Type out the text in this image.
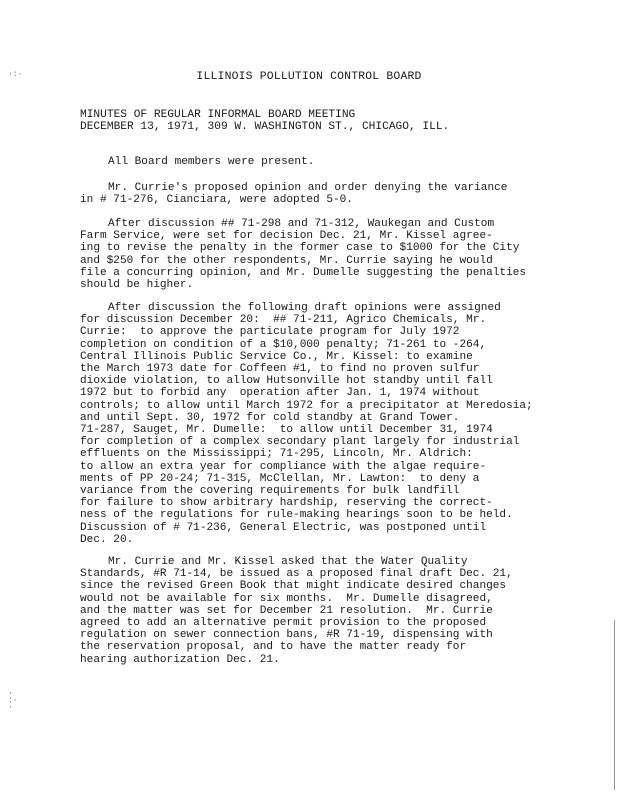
·:·
·
:·
·
ILLINOIS POLLUTION CONTROL BOARD
MINUTES OF REGULAR INFORMAL BOARD MEETING
DECEMBER 13, 1971, 309 W. WASHINGTON ST., CHICAGO, ILL.
All Board members were present.
Mr. Currie's proposed opinion and order denying the variance
in # 71-276, Cianciara, were adopted 5-0.
After discussion ## 71-298 and 71-312, Waukegan and Custom
Farm Service, were set for decision Dec. 21, Mr. Kissel agree-
ing to revise the penalty in the former case to $1000 for the City
and $250 for the other respondents, Mr. Currie saying he would
file a concurring opinion, and Mr. Dumelle suggesting the penalties
should be higher.
After discussion the following draft opinions were assigned
for discussion December 20:  ## 71-211, Agrico Chemicals, Mr.
Currie:  to approve the particulate program for July 1972
completion on condition of a $10,000 penalty; 71-261 to -264,
Central Illinois Public Service Co., Mr. Kissel: to examine
the March 1973 date for Coffeen #1, to find no proven sulfur
dioxide violation, to allow Hutsonville hot standby until fall
1972 but to forbid any  operation after Jan. 1, 1974 without
controls; to allow until March 1972 for a precipitator at Meredosia;
and until Sept. 30, 1972 for cold standby at Grand Tower.
71-287, Sauget, Mr. Dumelle:  to allow until December 31, 1974
for completion of a complex secondary plant largely for industrial
effluents on the Mississippi; 71-295, Lincoln, Mr. Aldrich:
to allow an extra year for compliance with the algae require-
ments of PP 20-24; 71-315, McClellan, Mr. Lawton:  to deny a
variance from the covering requirements for bulk landfill
for failure to show arbitrary hardship, reserving the correct-
ness of the regulations for rule-making hearings soon to be held.
Discussion of # 71-236, General Electric, was postponed until
Dec. 20.
Mr. Currie and Mr. Kissel asked that the Water Quality
Standards, #R 71-14, be issued as a proposed final draft Dec. 21,
since the revised Green Book that might indicate desired changes
would not be available for six months.  Mr. Dumelle disagreed,
and the matter was set for December 21 resolution.  Mr. Currie
agreed to add an alternative permit provision to the proposed
regulation on sewer connection bans, #R 71-19, dispensing with
the reservation proposal, and to have the matter ready for
hearing authorization Dec. 21.
